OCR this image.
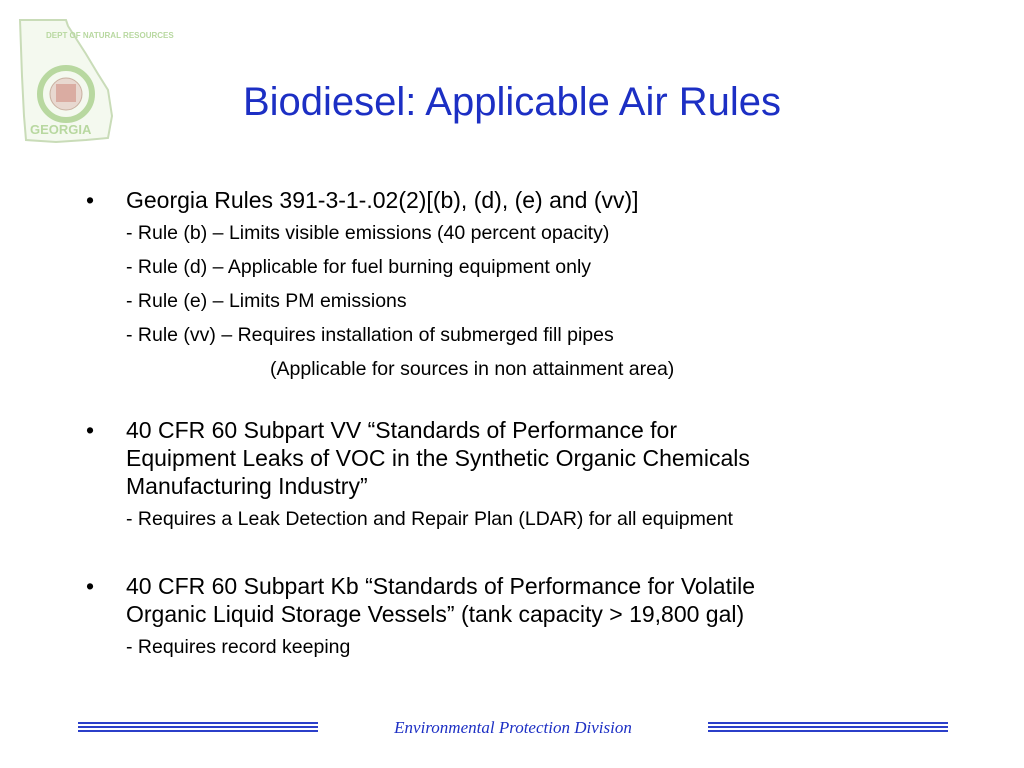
DEPT OF NATURAL RESOURCES
GEORGIA
Biodiesel: Applicable Air Rules
• Georgia Rules 391-3-1-.02(2)[(b), (d), (e) and (vv)]
- Rule (b) – Limits visible emissions (40 percent opacity)
- Rule (d) – Applicable for fuel burning equipment only
- Rule (e) – Limits PM emissions
- Rule (vv) – Requires installation of submerged fill pipes
(Applicable for sources in non attainment area)
• 40 CFR 60 Subpart VV “Standards of Performance for
Equipment Leaks of VOC in the Synthetic Organic Chemicals
Manufacturing Industry”
- Requires a Leak Detection and Repair Plan (LDAR) for all equipment
• 40 CFR 60 Subpart Kb “Standards of Performance for Volatile
Organic Liquid Storage Vessels” (tank capacity > 19,800 gal)
- Requires record keeping
Environmental Protection Division
